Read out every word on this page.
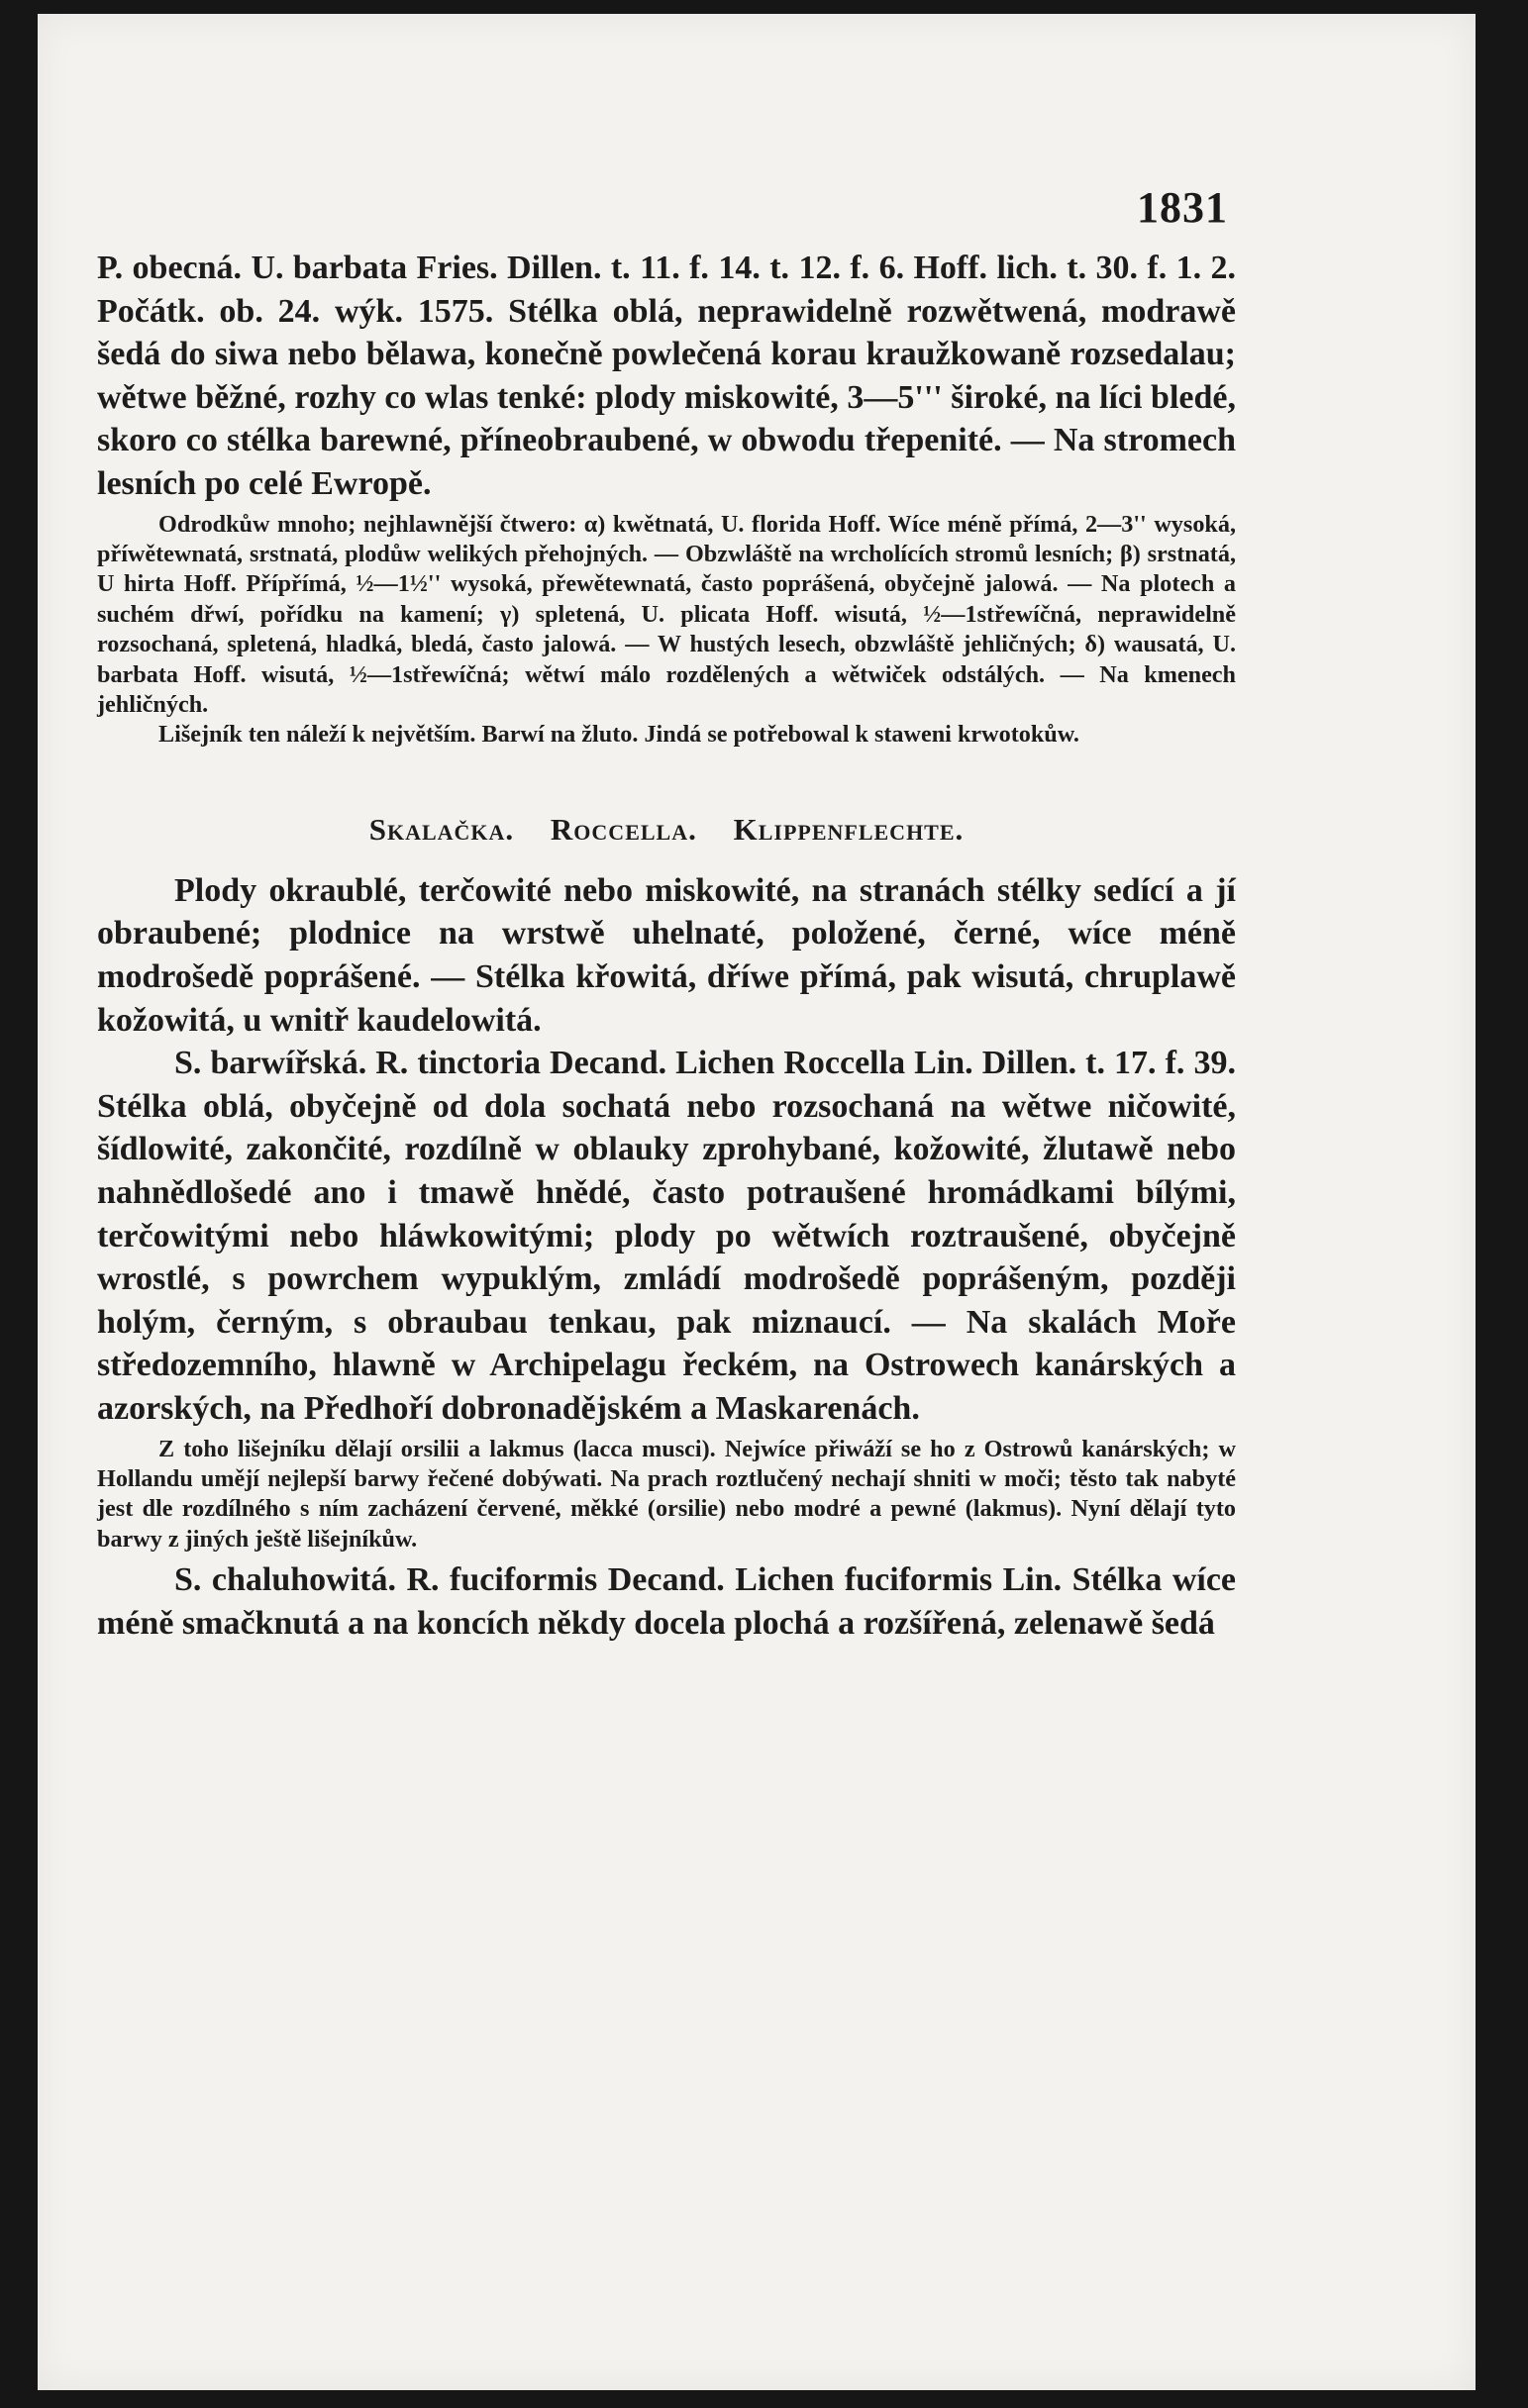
1831

P. obecná. U. barbata Fries. Dillen. t. 11. f. 14. t. 12. f. 6. Hoff. lich. t. 30. f. 1. 2. Počátk. ob. 24. wýk. 1575. Stélka oblá, neprawidelně rozwětwená, modrawě šedá do siwa nebo bělawa, konečně powlečená korau kraužkowaně rozsedalau; wětwe běžné, rozhy co wlas tenké: plody miskowité, 3—5''' široké, na líci bledé, skoro co stélka barewné, příneobraubené, w obwodu třepenité. — Na stromech lesních po celé Ewropě.

Odrodkůw mnoho; nejhlawnější čtwero: α) kwětnatá, U. florida Hoff. Wíce méně přímá, 2—3'' wysoká, příwětewnatá, srstnatá, plodůw welikých přehojných. — Obzwláště na wrcholících stromů lesních; β) srstnatá, U hirta Hoff. Přípřímá, ½—1½'' wysoká, přewětewnatá, často poprášená, obyčejně jalowá. — Na plotech a suchém dřwí, pořídku na kamení; γ) spletená, U. plicata Hoff. wisutá, ½—1střewíčná, neprawidelně rozsochaná, spletená, hladká, bledá, často jalowá. — W hustých lesech, obzwláště jehličných; δ) wausatá, U. barbata Hoff. wisutá, ½—1střewíčná; wětwí málo rozdělených a wětwiček odstálých. — Na kmenech jehličných.

Lišejník ten náleží k největším. Barwí na žluto. Jindá se potřebowal k staweni krwotokůw.

Skalačka. Roccella. Klippenflechte.

Plody okraublé, terčowité nebo miskowité, na stranách stélky sedící a jí obraubené; plodnice na wrstwě uhelnaté, položené, černé, wíce méně modrošedě poprášené. — Stélka křowitá, dříwe přímá, pak wisutá, chruplawě kožowitá, u wnitř kaudelowitá.

S. barwířská. R. tinctoria Decand. Lichen Roccella Lin. Dillen. t. 17. f. 39. Stélka oblá, obyčejně od dola sochatá nebo rozsochaná na wětwe ničowité, šídlowité, zakončité, rozdílně w oblauky zprohybané, kožowité, žlutawě nebo nahnědlošedé ano i tmawě hnědé, často potraušené hromádkami bílými, terčowitými nebo hláwkowitými; plody po wětwích roztraušené, obyčejně wrostlé, s powrchem wypuklým, zmládí modrošedě poprášeným, později holým, černým, s obraubau tenkau, pak miznaucí. — Na skalách Moře středozemního, hlawně w Archipelagu řeckém, na Ostrowech kanárských a azorských, na Předhoří dobronadějském a Maskarenách.

Z toho lišejníku dělají orsilii a lakmus (lacca musci). Nejwíce přiwáží se ho z Ostrowů kanárských; w Hollandu umějí nejlepší barwy řečené dobýwati. Na prach roztlučený nechají shniti w moči; těsto tak nabyté jest dle rozdílného s ním zacházení červené, měkké (orsilie) nebo modré a pewné (lakmus). Nyní dělají tyto barwy z jiných ještě lišejníkůw.

S. chaluhowitá. R. fuciformis Decand. Lichen fuciformis Lin. Stélka wíce méně smačknutá a na koncích někdy docela plochá a rozšířená, zelenawě šedá
